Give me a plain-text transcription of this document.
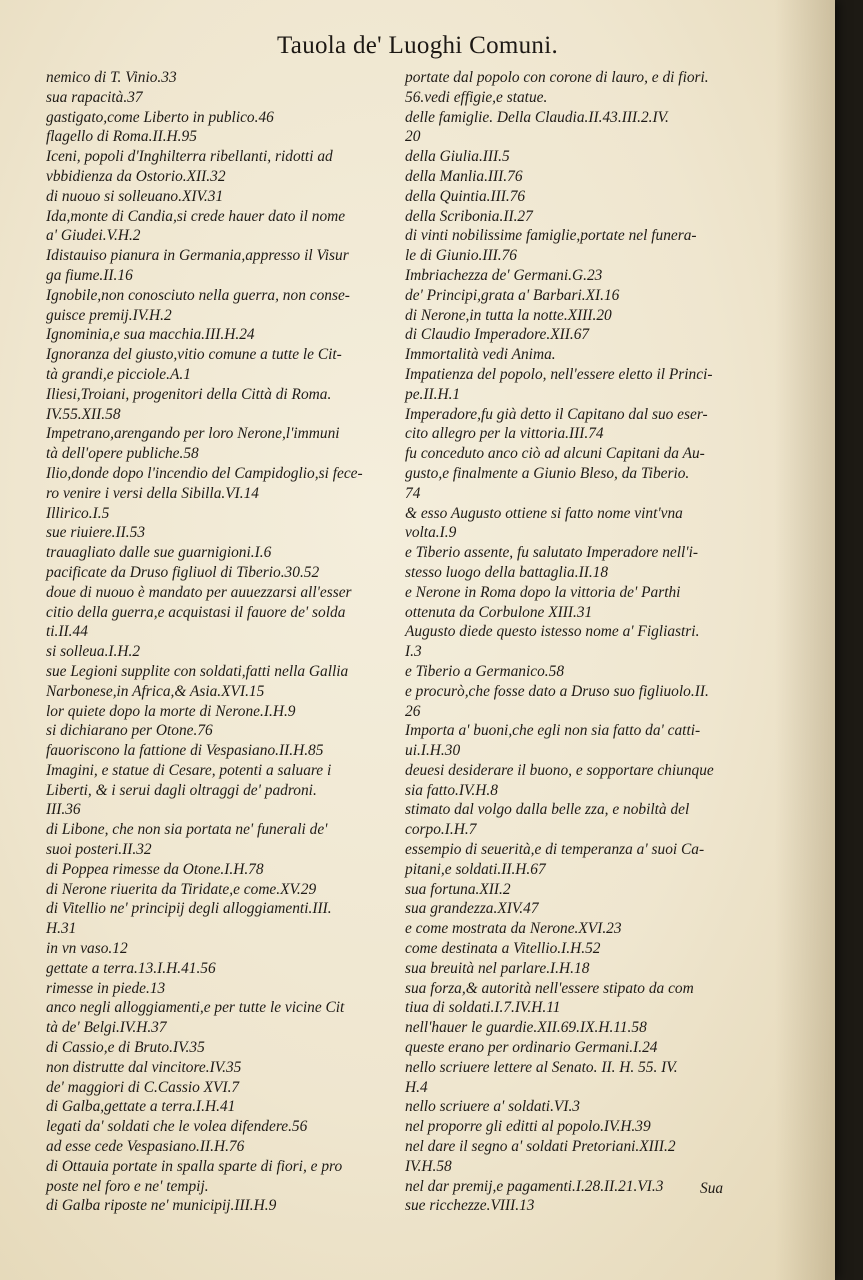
Tauola de' Luoghi Comuni.
nemico di T. Vinio.33
sua rapacità.37
gastigato,come Liberto in publico.46
flagello di Roma.II.H.95
Iceni, popoli d'Inghilterra ribellanti, ridotti ad
vbbidienza da Ostorio.XII.32
di nuouo si solleuano.XIV.31
Ida,monte di Candia,si crede hauer dato il nome
a' Giudei.V.H.2
Idistauiso pianura in Germania,appresso il Visur
ga fiume.II.16
Ignobile,non conosciuto nella guerra, non conse-
guisce premij.IV.H.2
Ignominia,e sua macchia.III.H.24
Ignoranza del giusto,vitio comune a tutte le Cit-
tà grandi,e picciole.A.1
Iliesi,Troiani, progenitori della Città di Roma.
IV.55.XII.58
Impetrano,arengando per loro Nerone,l'immuni
tà dell'opere publiche.58
Ilio,donde dopo l'incendio del Campidoglio,si fece-
ro venire i versi della Sibilla.VI.14
Illirico.I.5
sue riuiere.II.53
trauagliato dalle sue guarnigioni.I.6
pacificate da Druso figliuol di Tiberio.30.52
doue di nuouo è mandato per auuezzarsi all'esser
citio della guerra,e acquistasi il fauore de' solda
ti.II.44
si solleua.I.H.2
sue Legioni supplite con soldati,fatti nella Gallia
Narbonese,in Africa,& Asia.XVI.15
lor quiete dopo la morte di Nerone.I.H.9
si dichiarano per Otone.76
fauoriscono la fattione di Vespasiano.II.H.85
Imagini, e statue di Cesare, potenti a saluare i
Liberti, & i serui dagli oltraggi de' padroni.
III.36
di Libone, che non sia portata ne' funerali de'
suoi posteri.II.32
di Poppea rimesse da Otone.I.H.78
di Nerone riuerita da Tiridate,e come.XV.29
di Vitellio ne' principij degli alloggiamenti.III.
H.31
in vn vaso.12
gettate a terra.13.I.H.41.56
rimesse in piede.13
anco negli alloggiamenti,e per tutte le vicine Cit
tà de' Belgi.IV.H.37
di Cassio,e di Bruto.IV.35
non distrutte dal vincitore.IV.35
de' maggiori di C.Cassio XVI.7
di Galba,gettate a terra.I.H.41
legati da' soldati che le volea difendere.56
ad esse cede Vespasiano.II.H.76
di Ottauia portate in spalla sparte di fiori, e pro
poste nel foro e ne' tempij.
di Galba riposte ne' municipij.III.H.9
portate dal popolo con corone di lauro, e di fiori.
56.vedi effigie,e statue.
delle famiglie. Della Claudia.II.43.III.2.IV.
20
della Giulia.III.5
della Manlia.III.76
della Quintia.III.76
della Scribonia.II.27
di vinti nobilissime famiglie,portate nel funera-
le di Giunio.III.76
Imbriachezza de' Germani.G.23
de' Principi,grata a' Barbari.XI.16
di Nerone,in tutta la notte.XIII.20
di Claudio Imperadore.XII.67
Immortalità vedi Anima.
Impatienza del popolo, nell'essere eletto il Princi-
pe.II.H.1
Imperadore,fu già detto il Capitano dal suo eser-
cito allegro per la vittoria.III.74
fu conceduto anco ciò ad alcuni Capitani da Au-
gusto,e finalmente a Giunio Bleso, da Tiberio.
74
& esso Augusto ottiene si fatto nome vint'vna
volta.I.9
e Tiberio assente, fu salutato Imperadore nell'i-
stesso luogo della battaglia.II.18
e Nerone in Roma dopo la vittoria de' Parthi
ottenuta da Corbulone XIII.31
Augusto diede questo istesso nome a' Figliastri.
I.3
e Tiberio a Germanico.58
e procurò,che fosse dato a Druso suo figliuolo.II.
26
Importa a' buoni,che egli non sia fatto da' catti-
ui.I.H.30
deuesi desiderare il buono, e sopportare chiunque
sia fatto.IV.H.8
stimato dal volgo dalla belle zza, e nobiltà del
corpo.I.H.7
essempio di seuerità,e di temperanza a' suoi Ca-
pitani,e soldati.II.H.67
sua fortuna.XII.2
sua grandezza.XIV.47
e come mostrata da Nerone.XVI.23
come destinata a Vitellio.I.H.52
sua breuità nel parlare.I.H.18
sua forza,& autorità nell'essere stipato da com
tiua di soldati.I.7.IV.H.11
nell'hauer le guardie.XII.69.IX.H.11.58
queste erano per ordinario Germani.I.24
nello scriuere lettere al Senato. II. H. 55. IV.
H.4
nello scriuere a' soldati.VI.3
nel proporre gli editti al popolo.IV.H.39
nel dare il segno a' soldati Pretoriani.XIII.2
IV.H.58
nel dar premij,e pagamenti.I.28.II.21.VI.3
sue ricchezze.VIII.13
Sua
